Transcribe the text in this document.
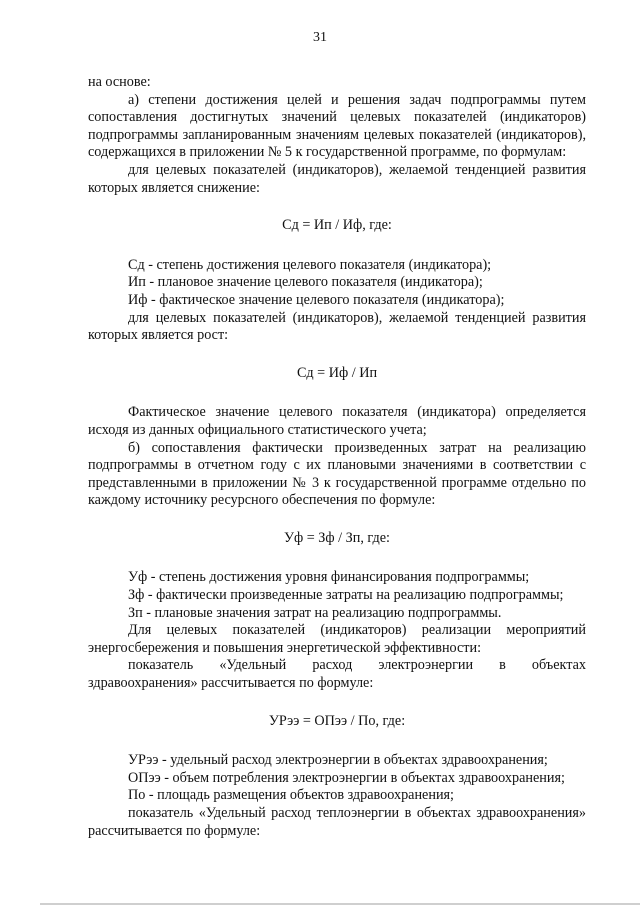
31

на основе:

а) степени достижения целей и решения задач подпрограммы путем сопоставления достигнутых значений целевых показателей (индикаторов) подпрограммы запланированным значениям целевых показателей (индикаторов), содержащихся в приложении № 5 к государственной программе, по формулам:

для целевых показателей (индикаторов), желаемой тенденцией развития которых является снижение:

Сд = Ип / Иф, где:

Сд - степень достижения целевого показателя (индикатора);

Ип - плановое значение целевого показателя (индикатора);

Иф - фактическое значение целевого показателя (индикатора);

для целевых показателей (индикаторов), желаемой тенденцией развития которых является рост:

Сд = Иф / Ип

Фактическое значение целевого показателя (индикатора) определяется исходя из данных официального статистического учета;

б) сопоставления фактически произведенных затрат на реализацию подпрограммы в отчетном году с их плановыми значениями в соответствии с представленными в приложении № 3 к государственной программе отдельно по каждому источнику ресурсного обеспечения по формуле:

Уф = Зф / Зп, где:

Уф - степень достижения уровня финансирования подпрограммы;

Зф - фактически произведенные затраты на реализацию подпрограммы;

Зп - плановые значения затрат на реализацию подпрограммы.

Для целевых показателей (индикаторов) реализации мероприятий энергосбережения и повышения энергетической эффективности:

показатель «Удельный расход электроэнергии в объектах здравоохранения» рассчитывается по формуле:

УРээ = ОПээ / По, где:

УРээ - удельный расход электроэнергии в объектах здравоохранения;

ОПээ - объем потребления электроэнергии в объектах здравоохранения;

По - площадь размещения объектов здравоохранения;

показатель «Удельный расход теплоэнергии в объектах здравоохранения» рассчитывается по формуле:
